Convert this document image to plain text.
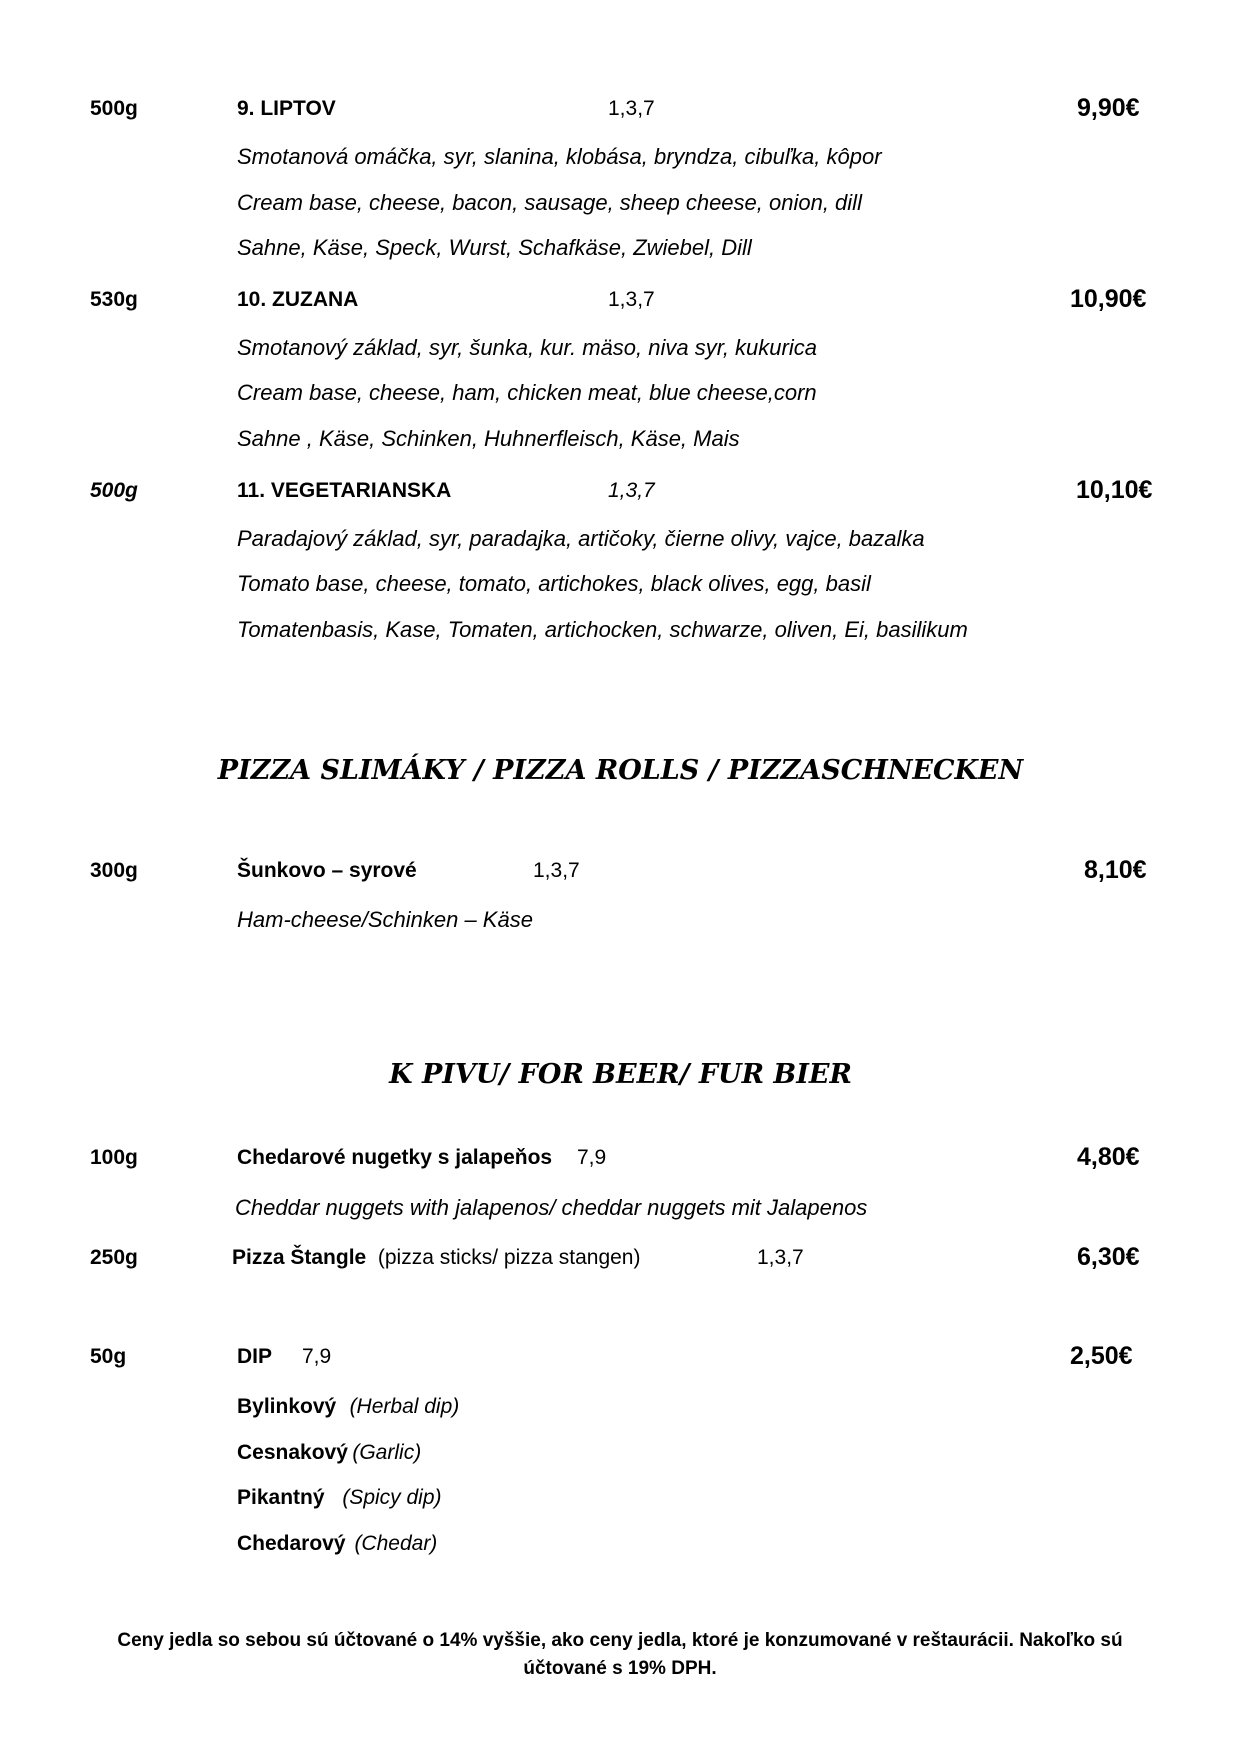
500g	9. LIPTOV	1,3,7	9,90€
Smotanová omáčka, syr, slanina, klobása, bryndza, cibuľka, kôpor
Cream base, cheese, bacon, sausage, sheep cheese, onion, dill
Sahne, Käse, Speck, Wurst, Schafkäse, Zwiebel, Dill
530g	10. ZUZANA	1,3,7	10,90€
Smotanový základ, syr, šunka, kur. mäso, niva syr, kukurica
Cream base, cheese, ham, chicken meat, blue cheese,corn
Sahne , Käse, Schinken, Huhnerfleisch, Käse, Mais
500g	11. VEGETARIANSKA	1,3,7	10,10€
Paradajový základ, syr, paradajka, artičoky, čierne olivy, vajce, bazalka
Tomato base, cheese, tomato, artichokes, black olives, egg, basil
Tomatenbasis, Kase, Tomaten, artichocken, schwarze, oliven, Ei, basilikum
PIZZA SLIMÁKY / PIZZA ROLLS / PIZZASCHNECKEN
300g	Šunkovo – syrové	1,3,7	8,10€
Ham-cheese/Schinken – Käse
K PIVU/ FOR BEER/ FUR BIER
100g	Chedarové nugetky s jalapeňos 7,9	4,80€
Cheddar nuggets with jalapenos/ cheddar nuggets mit Jalapenos
250g	Pizza Štangle (pizza sticks/ pizza stangen)	1,3,7	6,30€
50g	DIP 7,9	2,50€
Bylinkový (Herbal dip)
Cesnakový (Garlic)
Pikantný (Spicy dip)
Chedarový (Chedar)
Ceny jedla so sebou sú účtované o 14% vyššie, ako ceny jedla, ktoré je konzumované v reštaurácii. Nakoľko sú účtované s 19% DPH.
